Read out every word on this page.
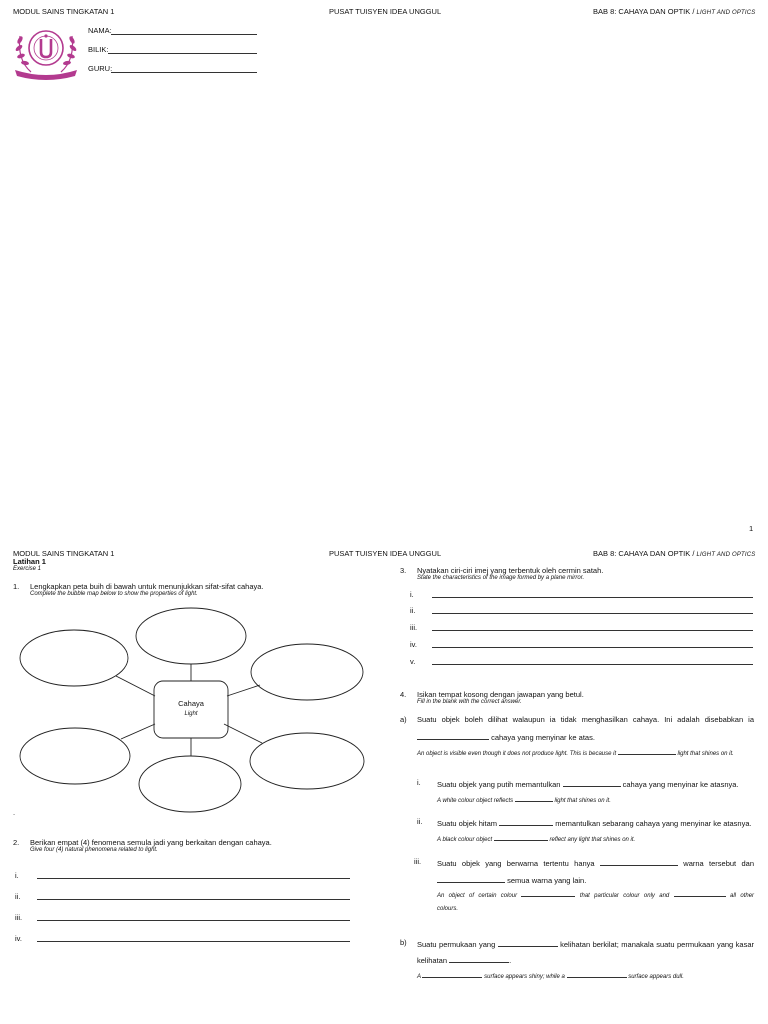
MODUL SAINS TINGKATAN 1	PUSAT TUISYEN IDEA UNGGUL	BAB 8: CAHAYA DAN OPTIK / LIGHT AND OPTICS
NAMA:
BILIK:
GURU:
1
MODUL SAINS TINGKATAN 1	PUSAT TUISYEN IDEA UNGGUL	BAB 8: CAHAYA DAN OPTIK / LIGHT AND OPTICS
Latihan 1
Exercise 1
1. Lengkapkan peta buih di bawah untuk menunjukkan sifat-sifat cahaya.
Complete the bubble map below to show the properties of light.
Cahaya
Light
.
2. Berikan empat (4) fenomena semula jadi yang berkaitan dengan cahaya.
Give four (4) natural phenomena related to light.
i.
ii.
iii.
iv.
3. Nyatakan ciri-ciri imej yang terbentuk oleh cermin satah.
State the characteristics of the image formed by a plane mirror.
i.
ii.
iii.
iv.
v.
4. Isikan tempat kosong dengan jawapan yang betul.
Fill in the blank with the correct answer.
a) Suatu objek boleh dilihat walaupun ia tidak menghasilkan cahaya. Ini adalah disebabkan ia
cahaya yang menyinar ke atas.
An object is visible even though it does not produce light. This is because it	light that shines on it.
i. Suatu objek yang putih memantulkan	cahaya yang menyinar ke atasnya.
A white colour object reflects	light that shines on it.
ii. Suatu objek hitam	memantulkan sebarang cahaya yang menyinar ke atasnya.
A black colour object	reflect any light that shines on it.
iii. Suatu objek yang berwarna tertentu hanya	warna tersebut dan
semua warna yang lain.
An object of certain colour	that particular colour only and	all other
colours.
b) Suatu permukaan yang	kelihatan berkilat; manakala suatu permukaan yang kasar
kelihatan	.
A	surface appears shiny; while a	surface appears dull.
